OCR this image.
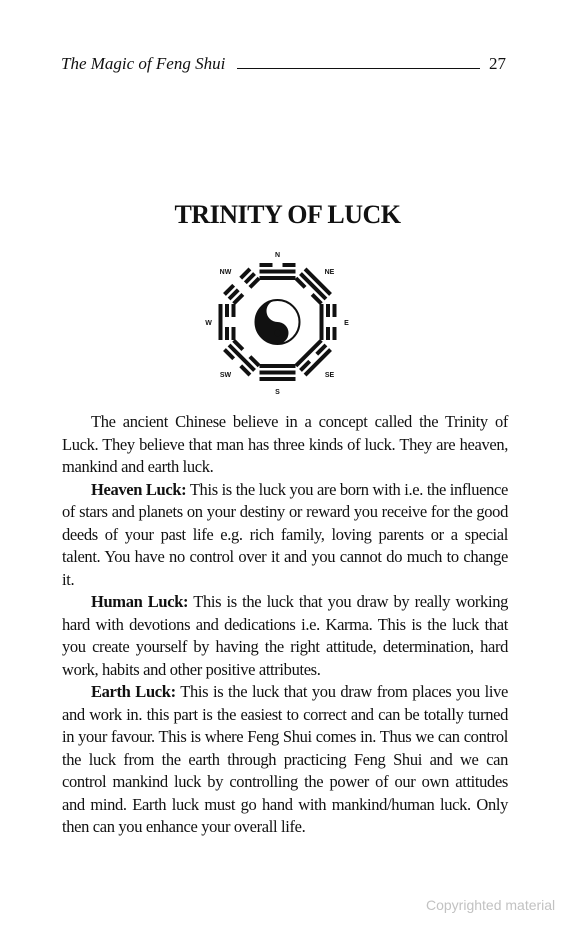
The Magic of Feng Shui	27
TRINITY OF LUCK
N
NE
E
SE
S
SW
W
NW

The ancient Chinese believe in a concept called the Trinity of Luck. They believe that man has three kinds of luck. They are heaven, mankind and earth luck.

Heaven Luck: This is the luck you are born with i.e. the influence of stars and planets on your destiny or reward you receive for the good deeds of your past life e.g. rich family, loving parents or a special talent. You have no control over it and you cannot do much to change it.

Human Luck: This is the luck that you draw by really working hard with devotions and dedications i.e. Karma. This is the luck that you create yourself by having the right attitude, determination, hard work, habits and other positive attributes.

Earth Luck: This is the luck that you draw from places you live and work in. this part is the easiest to correct and can be totally turned in your favour. This is where Feng Shui comes in. Thus we can control the luck from the earth through practicing Feng Shui and we can control mankind luck by controlling the power of our own attitudes and mind. Earth luck must go hand with mankind/human luck. Only then can you enhance your overall life.

Copyrighted material
